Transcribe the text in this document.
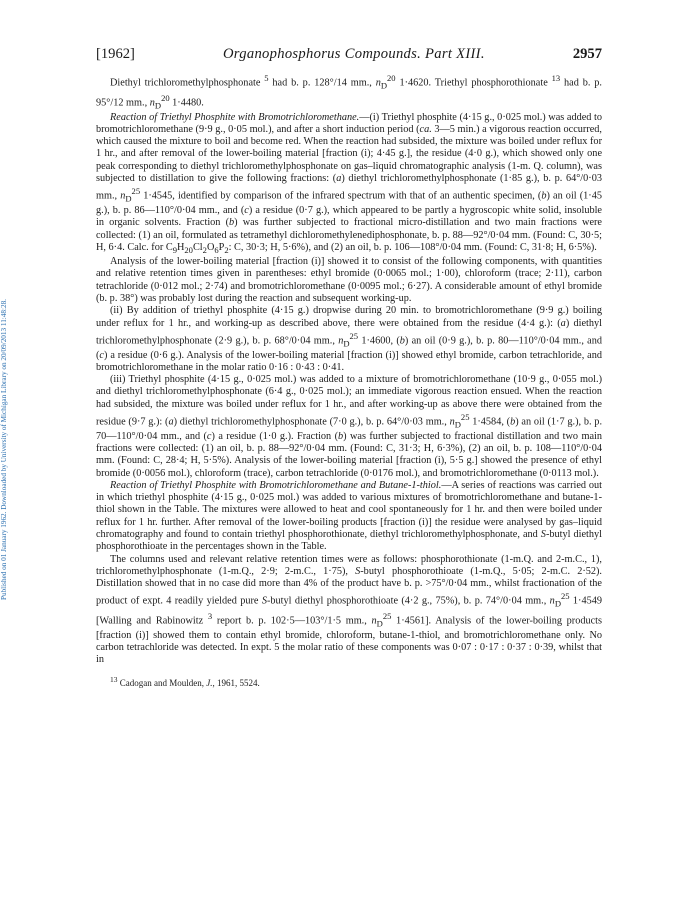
Published on 01 January 1962. Downloaded by University of Michigan Library on 20/09/2013 11:48:28.
[1962]	Organophosphorus Compounds. Part XIII.	2957

Diethyl trichloromethylphosphonate $^5$ had b. p. 128°/14 mm., $n_D^{20}$ 1·4620. Triethyl phosphorothionate $^{13}$ had b. p. 95°/12 mm., $n_D^{20}$ 1·4480.

Reaction of Triethyl Phosphite with Bromotrichloromethane.—(i) Triethyl phosphite (4·15 g., 0·025 mol.) was added to bromotrichloromethane (9·9 g., 0·05 mol.), and after a short induction period (ca. 3—5 min.) a vigorous reaction occurred, which caused the mixture to boil and become red. When the reaction had subsided, the mixture was boiled under reflux for 1 hr., and after removal of the lower-boiling material [fraction (i); 4·45 g.], the residue (4·0 g.), which showed only one peak corresponding to diethyl trichloromethylphosphonate on gas–liquid chromatographic analysis (1-m. Q. column), was subjected to distillation to give the following fractions: (a) diethyl trichloromethylphosphonate (1·85 g.), b. p. 64°/0·03 mm., $n_D^{25}$ 1·4545, identified by comparison of the infrared spectrum with that of an authentic specimen, (b) an oil (1·45 g.), b. p. 86—110°/0·04 mm., and (c) a residue (0·7 g.), which appeared to be partly a hygroscopic white solid, insoluble in organic solvents. Fraction (b) was further subjected to fractional micro-distillation and two main fractions were collected: (1) an oil, formulated as tetramethyl dichloromethylenediphosphonate, b. p. 88—92°/0·04 mm. (Found: C, 30·5; H, 6·4. Calc. for $C_9H_{20}Cl_2O_6P_2$: C, 30·3; H, 5·6%), and (2) an oil, b. p. 106—108°/0·04 mm. (Found: C, 31·8; H, 6·5%).

Analysis of the lower-boiling material [fraction (i)] showed it to consist of the following components, with quantities and relative retention times given in parentheses: ethyl bromide (0·0065 mol.; 1·00), chloroform (trace; 2·11), carbon tetrachloride (0·012 mol.; 2·74) and bromotrichloromethane (0·0095 mol.; 6·27). A considerable amount of ethyl bromide (b. p. 38°) was probably lost during the reaction and subsequent working-up.

(ii) By addition of triethyl phosphite (4·15 g.) dropwise during 20 min. to bromotrichloromethane (9·9 g.) boiling under reflux for 1 hr., and working-up as described above, there were obtained from the residue (4·4 g.): (a) diethyl trichloromethylphosphonate (2·9 g.), b. p. 68°/0·04 mm., $n_D^{25}$ 1·4600, (b) an oil (0·9 g.), b. p. 80—110°/0·04 mm., and (c) a residue (0·6 g.). Analysis of the lower-boiling material [fraction (i)] showed ethyl bromide, carbon tetrachloride, and bromotrichloromethane in the molar ratio 0·16 : 0·43 : 0·41.

(iii) Triethyl phosphite (4·15 g., 0·025 mol.) was added to a mixture of bromotrichloromethane (10·9 g., 0·055 mol.) and diethyl trichloromethylphosphonate (6·4 g., 0·025 mol.); an immediate vigorous reaction ensued. When the reaction had subsided, the mixture was boiled under reflux for 1 hr., and after working-up as above there were obtained from the residue (9·7 g.): (a) diethyl trichloromethylphosphonate (7·0 g.), b. p. 64°/0·03 mm., $n_D^{25}$ 1·4584, (b) an oil (1·7 g.), b. p. 70—110°/0·04 mm., and (c) a residue (1·0 g.). Fraction (b) was further subjected to fractional distillation and two main fractions were collected: (1) an oil, b. p. 88—92°/0·04 mm. (Found: C, 31·3; H, 6·3%), (2) an oil, b. p. 108—110°/0·04 mm. (Found: C, 28·4; H, 5·5%). Analysis of the lower-boiling material [fraction (i), 5·5 g.] showed the presence of ethyl bromide (0·0056 mol.), chloroform (trace), carbon tetrachloride (0·0176 mol.), and bromotrichloromethane (0·0113 mol.).

Reaction of Triethyl Phosphite with Bromotrichloromethane and Butane-1-thiol.—A series of reactions was carried out in which triethyl phosphite (4·15 g., 0·025 mol.) was added to various mixtures of bromotrichloromethane and butane-1-thiol shown in the Table. The mixtures were allowed to heat and cool spontaneously for 1 hr. and then were boiled under reflux for 1 hr. further. After removal of the lower-boiling products [fraction (i)] the residue were analysed by gas–liquid chromatography and found to contain triethyl phosphorothionate, diethyl trichloromethylphosphonate, and S-butyl diethyl phosphorothioate in the percentages shown in the Table.

The columns used and relevant relative retention times were as follows: phosphorothionate (1-m.Q. and 2-m.C., 1), trichloromethylphosphonate (1-m.Q., 2·9; 2-m.C., 1·75), S-butyl phosphorothioate (1-m.Q., 5·05; 2-m.C. 2·52). Distillation showed that in no case did more than 4% of the product have b. p. >75°/0·04 mm., whilst fractionation of the product of expt. 4 readily yielded pure S-butyl diethyl phosphorothioate (4·2 g., 75%), b. p. 74°/0·04 mm., $n_D^{25}$ 1·4549 [Walling and Rabinowitz $^3$ report b. p. 102·5—103°/1·5 mm., $n_D^{25}$ 1·4561]. Analysis of the lower-boiling products [fraction (i)] showed them to contain ethyl bromide, chloroform, butane-1-thiol, and bromotrichloromethane only. No carbon tetrachloride was detected. In expt. 5 the molar ratio of these components was 0·07 : 0·17 : 0·37 : 0·39, whilst that in

$^{13}$ Cadogan and Moulden, J., 1961, 5524.
